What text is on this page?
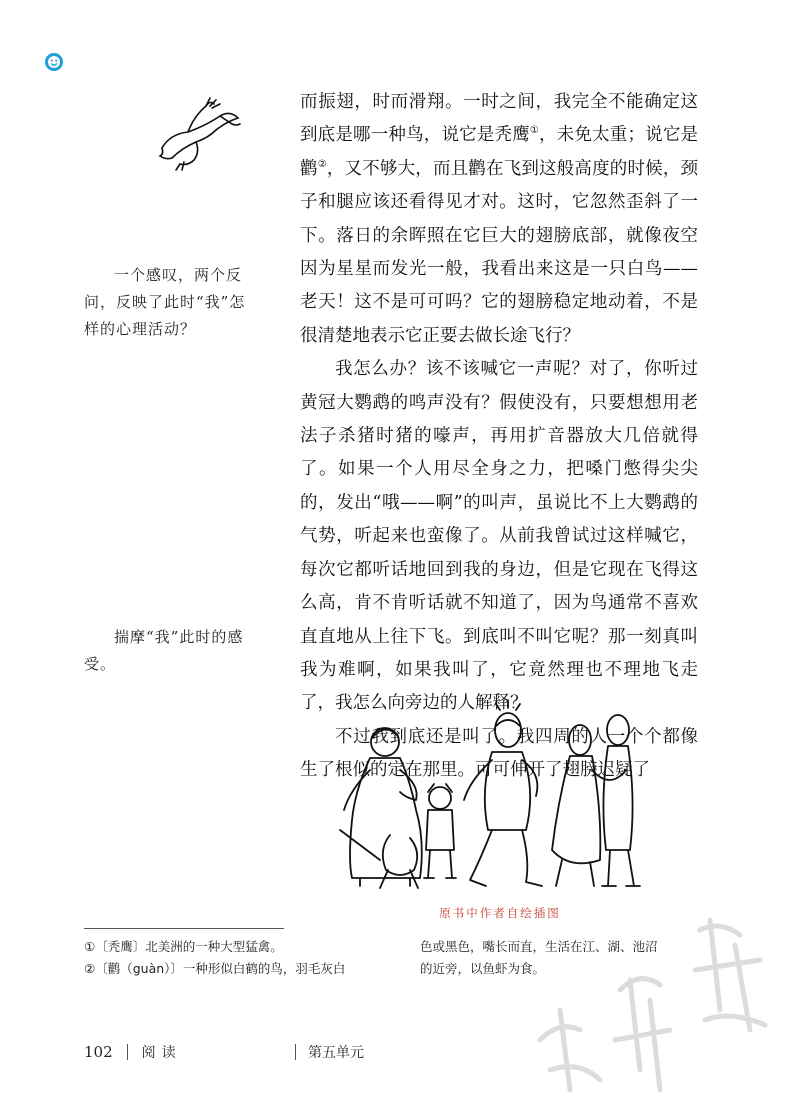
一个感叹，两个反问，反映了此时“我”怎样的心理活动？

揣摩“我”此时的感受。

而振翅，时而滑翔。一时之间，我完全不能确定这到底是哪一种鸟，说它是秃鹰①，未免太重；说它是鹳②，又不够大，而且鹳在飞到这般高度的时候，颈子和腿应该还看得见才对。这时，它忽然歪斜了一下。落日的余晖照在它巨大的翅膀底部，就像夜空因为星星而发光一般，我看出来这是一只白鸟——老天！这不是可可吗？它的翅膀稳定地动着，不是很清楚地表示它正要去做长途飞行？

我怎么办？该不该喊它一声呢？对了，你听过黄冠大鹦鹉的鸣声没有？假使没有，只要想想用老法子杀猪时猪的嚎声，再用扩音器放大几倍就得了。如果一个人用尽全身之力，把嗓门憋得尖尖的，发出“哦——啊”的叫声，虽说比不上大鹦鹉的气势，听起来也蛮像了。从前我曾试过这样喊它，每次它都听话地回到我的身边，但是它现在飞得这么高，肯不肯听话就不知道了，因为鸟通常不喜欢直直地从上往下飞。到底叫不叫它呢？那一刻真叫我为难啊，如果我叫了，它竟然理也不理地飞走了，我怎么向旁边的人解释？

不过我到底还是叫了。我四周的人一个个都像生了根似的定在那里。可可伸开了翅膀迟疑了

原书中作者自绘插图
①〔秃鹰〕北美洲的一种大型猛禽。
②〔鹳（guàn）〕一种形似白鹤的鸟，羽毛灰白
色或黑色，嘴长而直，生活在江、湖、池沼
的近旁，以鱼虾为食。
102 阅读	第五单元
